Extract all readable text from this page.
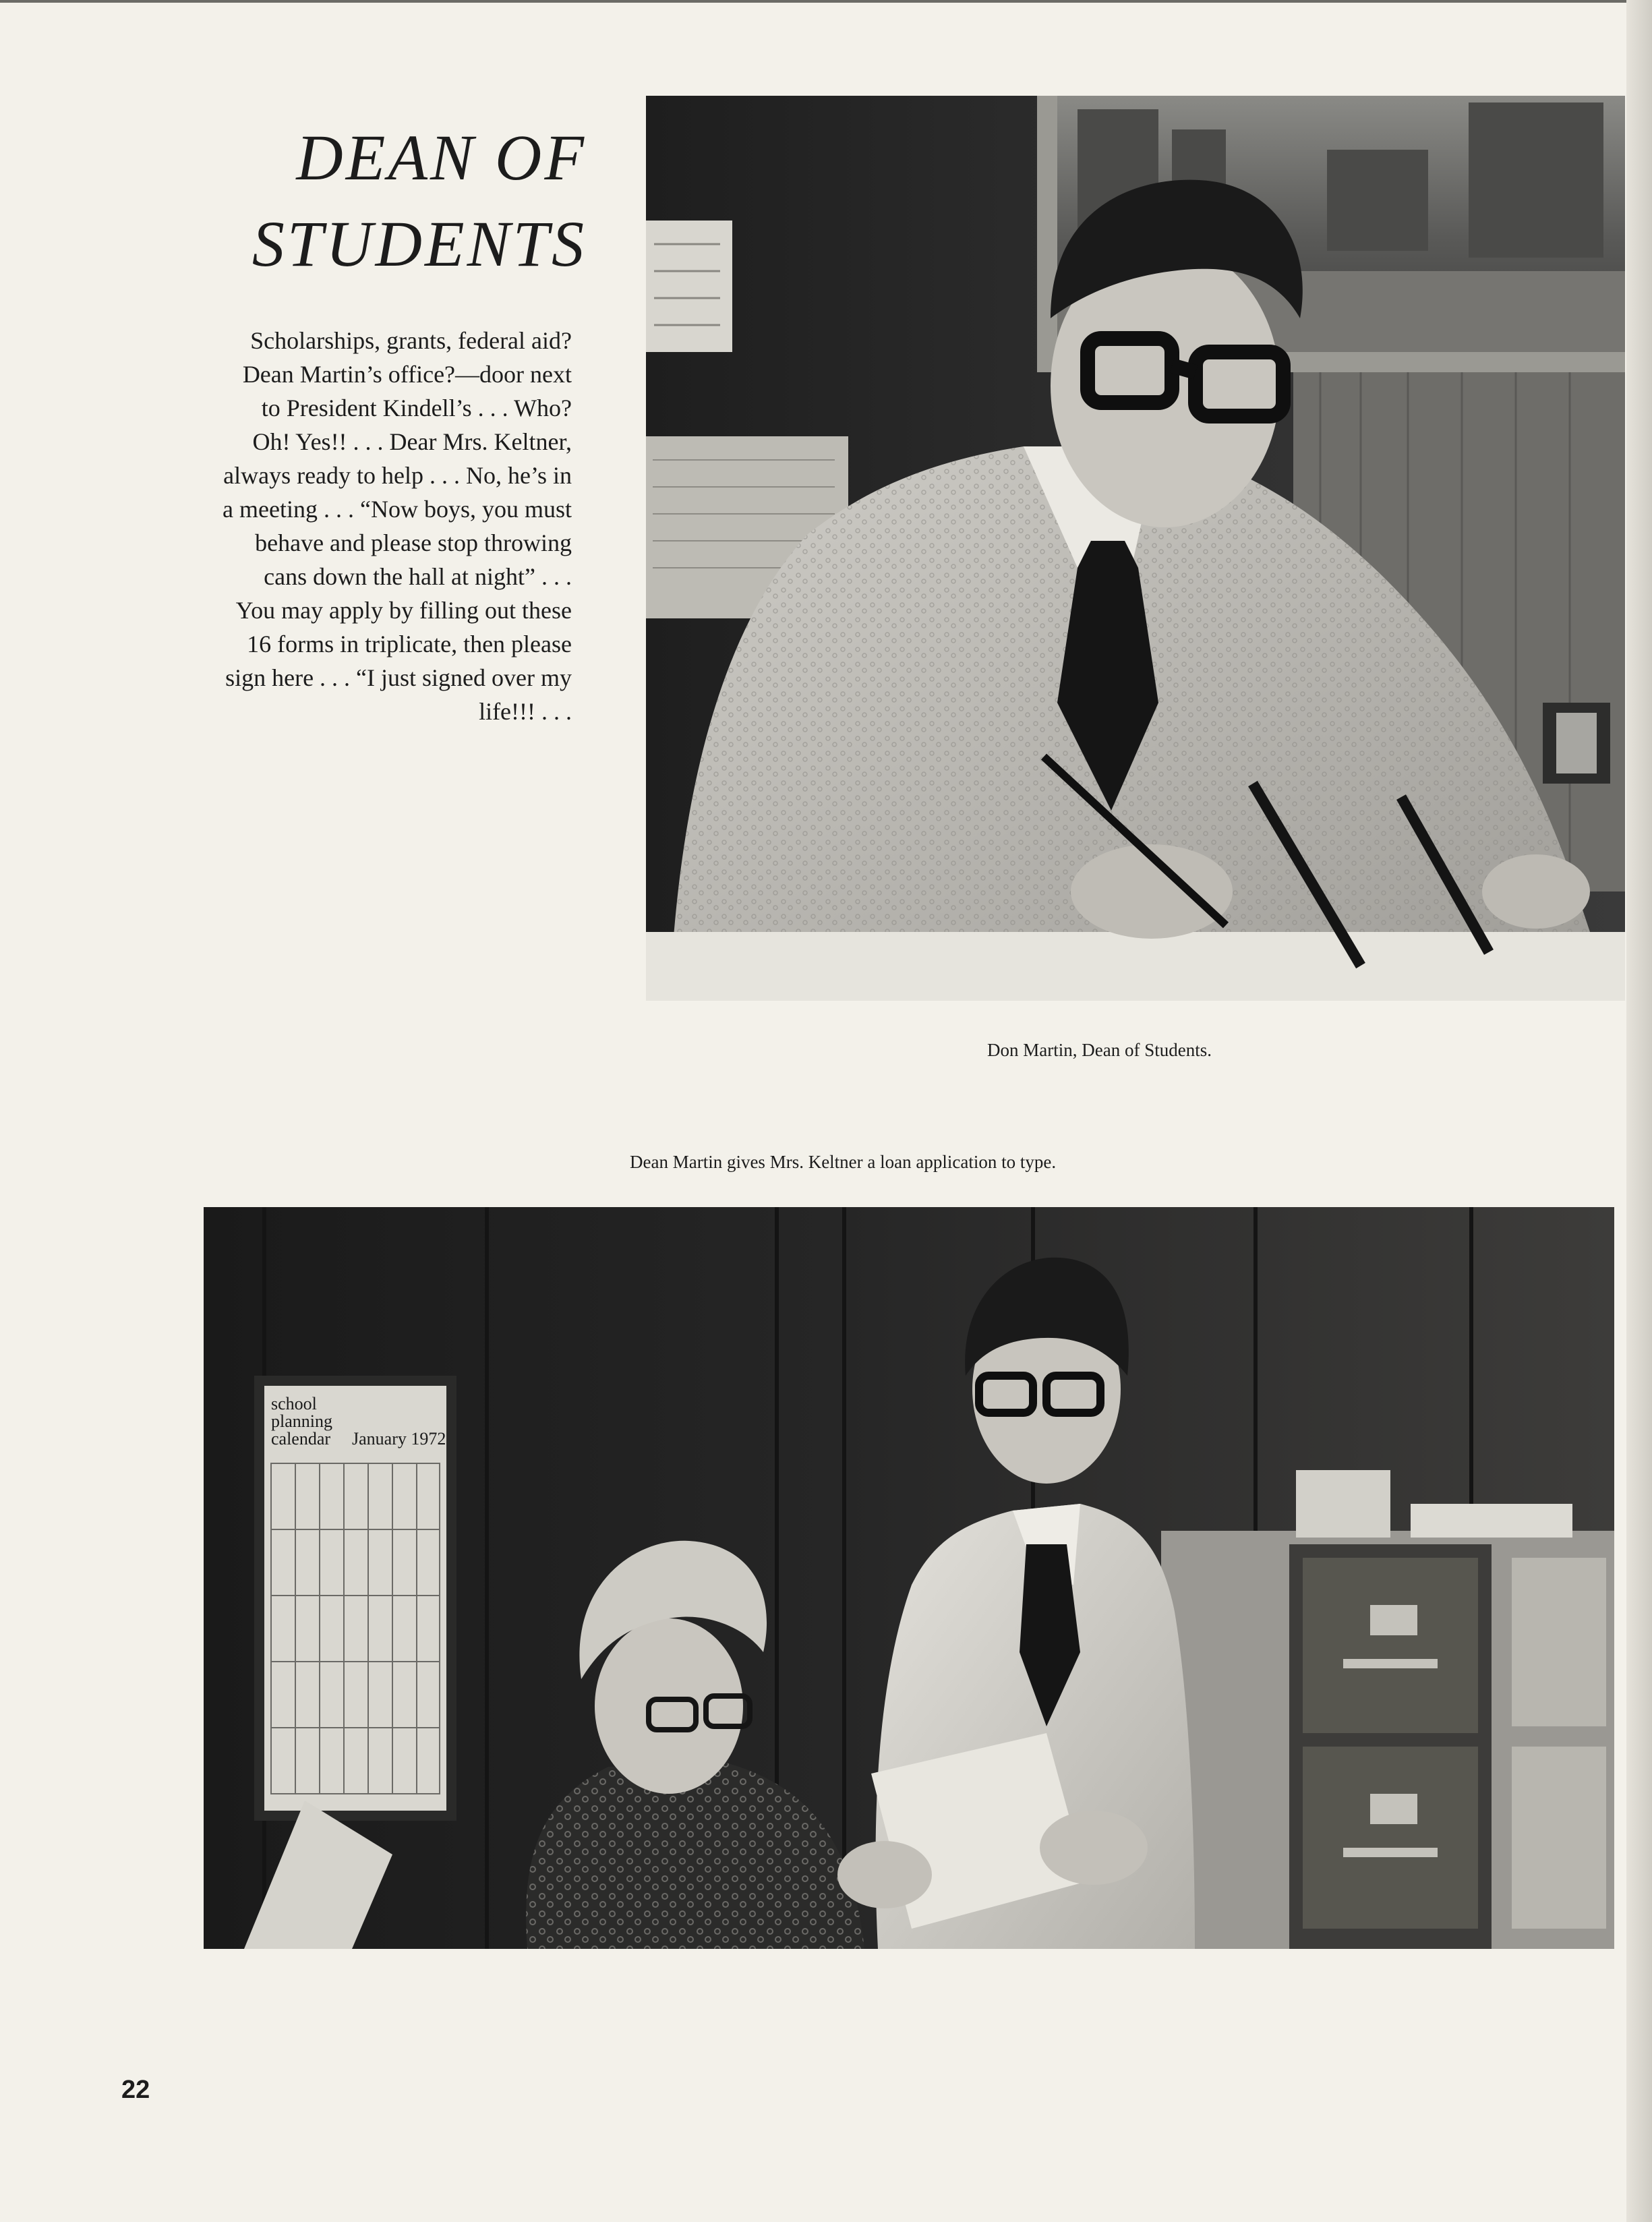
DEAN OF
STUDENTS
Scholarships, grants, federal aid?
Dean Martin’s office?—door next
to President Kindell’s . . . Who?
Oh! Yes!! . . . Dear Mrs. Keltner,
always ready to help . . . No, he’s in
a meeting . . . “Now boys, you must
behave and please stop throwing
cans down the hall at night” . . .
You may apply by filling out these
16 forms in triplicate, then please
sign here . . . “I just signed over my
life!!! . . .
Don Martin, Dean of Students.
Dean Martin gives Mrs. Keltner a loan application to type.
school
planning
calendar January 1972
22
